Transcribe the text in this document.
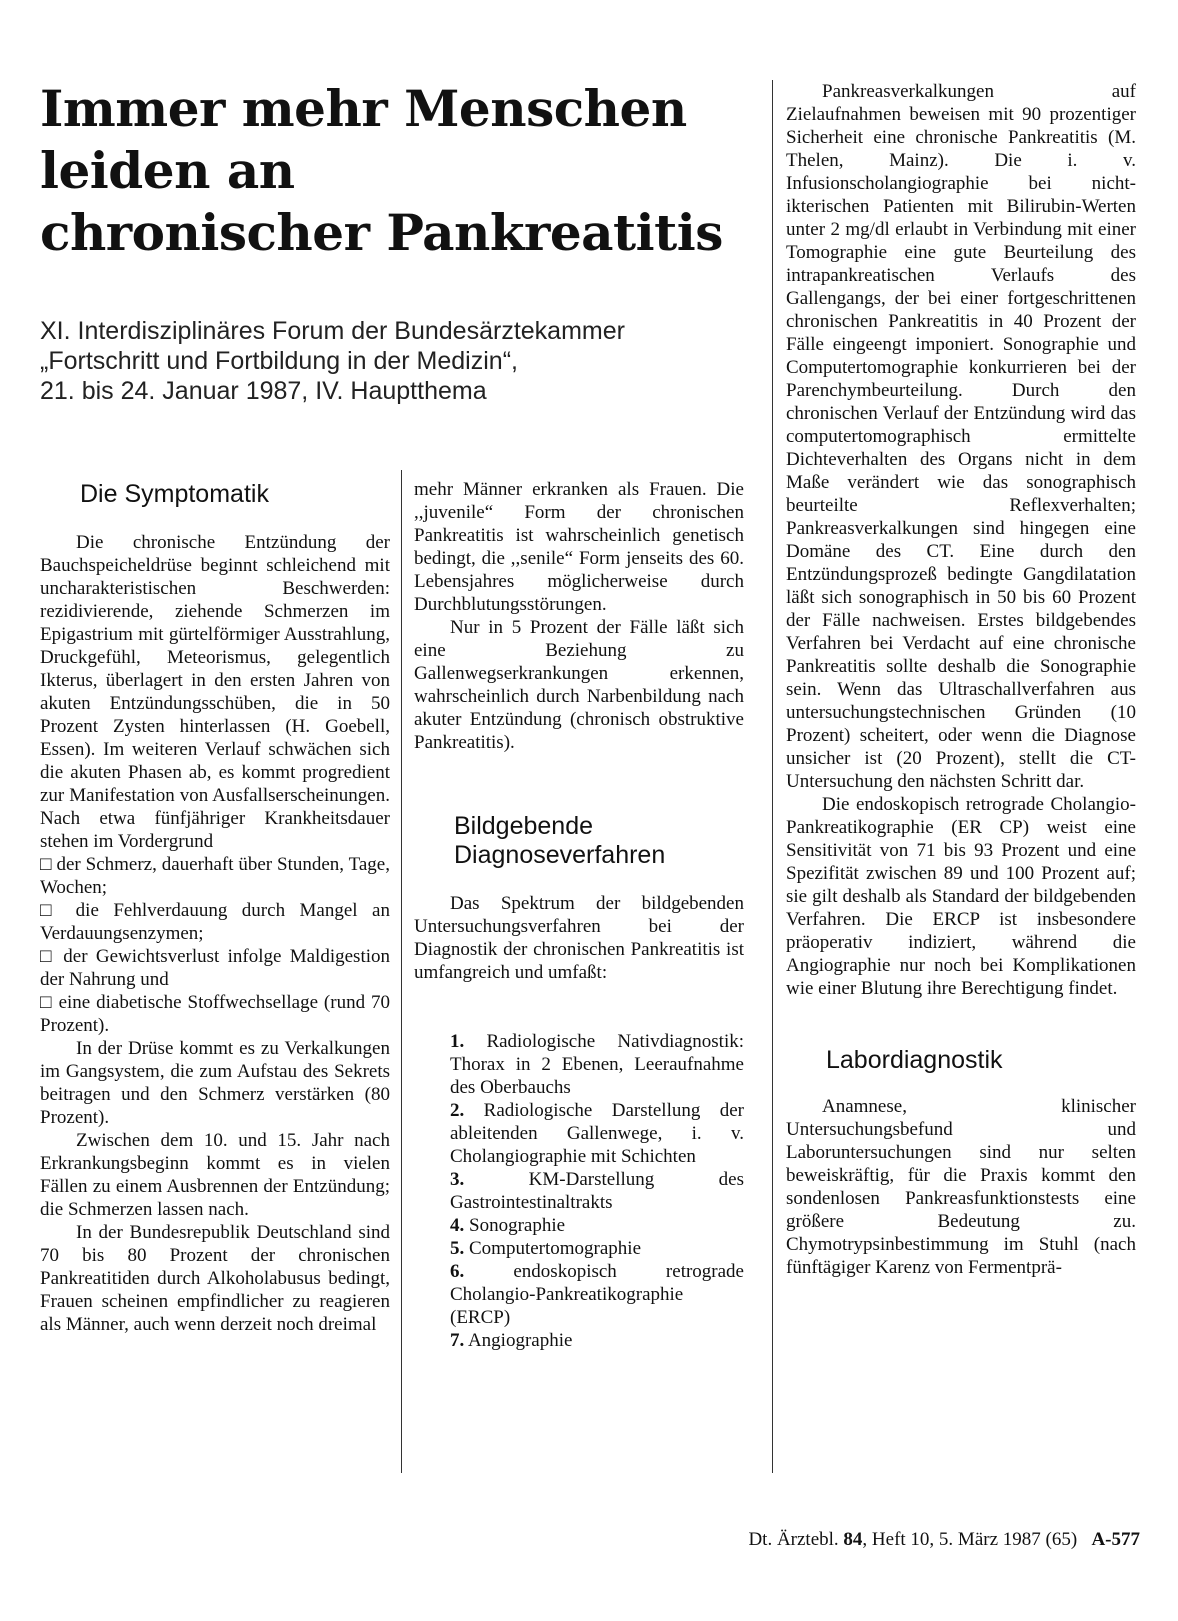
Immer mehr Menschen
leiden an
chronischer Pankreatitis
XI. Interdisziplinäres Forum der Bundesärztekammer
„Fortschritt und Fortbildung in der Medizin“,
21. bis 24. Januar 1987, IV. Hauptthema
Die Symptomatik

Die chronische Entzündung der Bauchspeicheldrüse beginnt schleichend mit uncharakteristischen Beschwerden: rezidivierende, ziehende Schmerzen im Epigastrium mit gürtelförmiger Ausstrahlung, Druckgefühl, Meteorismus, gelegentlich Ikterus, überlagert in den ersten Jahren von akuten Entzündungsschüben, die in 50 Prozent Zysten hinterlassen (H. Goebell, Essen). Im weiteren Verlauf schwächen sich die akuten Phasen ab, es kommt progredient zur Manifestation von Ausfallserscheinungen. Nach etwa fünfjähriger Krankheitsdauer stehen im Vordergrund

□ der Schmerz, dauerhaft über Stunden, Tage, Wochen;

□ die Fehlverdauung durch Mangel an Verdauungsenzymen;

□ der Gewichtsverlust infolge Maldigestion der Nahrung und

□ eine diabetische Stoffwechsellage (rund 70 Prozent).

In der Drüse kommt es zu Verkalkungen im Gangsystem, die zum Aufstau des Sekrets beitragen und den Schmerz verstärken (80 Prozent).

Zwischen dem 10. und 15. Jahr nach Erkrankungsbeginn kommt es in vielen Fällen zu einem Ausbrennen der Entzündung; die Schmerzen lassen nach.

In der Bundesrepublik Deutschland sind 70 bis 80 Prozent der chronischen Pankreatitiden durch Alkoholabusus bedingt, Frauen scheinen empfindlicher zu reagieren als Männer, auch wenn derzeit noch dreimal

mehr Männer erkranken als Frauen. Die ,,juvenile“ Form der chronischen Pankreatitis ist wahrscheinlich genetisch bedingt, die ,,senile“ Form jenseits des 60. Lebensjahres möglicherweise durch Durchblutungsstörungen.

Nur in 5 Prozent der Fälle läßt sich eine Beziehung zu Gallenwegserkrankungen erkennen, wahrscheinlich durch Narbenbildung nach akuter Entzündung (chronisch obstruktive Pankreatitis).

Bildgebende Diagnoseverfahren

Das Spektrum der bildgebenden Untersuchungsverfahren bei der Diagnostik der chronischen Pankreatitis ist umfangreich und umfaßt:

1. Radiologische Nativdiagnostik: Thorax in 2 Ebenen, Leeraufnahme des Oberbauchs
2. Radiologische Darstellung der ableitenden Gallenwege, i. v. Cholangiographie mit Schichten
3.	KM-Darstellung des Gastrointestinaltrakts
4. Sonographie
5. Computertomographie
6.	endoskopisch retrograde Cholangio-Pankreatikographie (ERCP)
7. Angiographie

Pankreasverkalkungen auf Zielaufnahmen beweisen mit 90 prozentiger Sicherheit eine chronische Pankreatitis (M. Thelen, Mainz). Die i. v. Infusionscholangiographie bei nicht-ikterischen Patienten mit Bilirubin-Werten unter 2 mg/dl erlaubt in Verbindung mit einer Tomographie eine gute Beurteilung des intrapankreatischen Verlaufs des Gallengangs, der bei einer fortgeschrittenen chronischen Pankreatitis in 40 Prozent der Fälle eingeengt imponiert. Sonographie und Computertomographie konkurrieren bei der Parenchymbeurteilung. Durch den chronischen Verlauf der Entzündung wird das computertomographisch ermittelte Dichteverhalten des Organs nicht in dem Maße verändert wie das sonographisch beurteilte Reflexverhalten; Pankreasverkalkungen sind hingegen eine Domäne des CT. Eine durch den Entzündungsprozeß bedingte Gangdilatation läßt sich sonographisch in 50 bis 60 Prozent der Fälle nachweisen. Erstes bildgebendes Verfahren bei Verdacht auf eine chronische Pankreatitis sollte deshalb die Sonographie sein. Wenn das Ultraschallverfahren aus untersuchungstechnischen Gründen (10 Prozent) scheitert, oder wenn die Diagnose unsicher ist (20 Prozent), stellt die CT-Untersuchung den nächsten Schritt dar.

Die endoskopisch retrograde Cholangio-Pankreatikographie (ER CP) weist eine Sensitivität von 71 bis 93 Prozent und eine Spezifität zwischen 89 und 100 Prozent auf; sie gilt deshalb als Standard der bildgebenden Verfahren. Die ERCP ist insbesondere präoperativ indiziert, während die Angiographie nur noch bei Komplikationen wie einer Blutung ihre Berechtigung findet.

Labordiagnostik

Anamnese, klinischer Untersuchungsbefund und Laboruntersuchungen sind nur selten beweiskräftig, für die Praxis kommt den sondenlosen Pankreasfunktionstests eine größere Bedeutung zu. Chymotrypsinbestimmung im Stuhl (nach fünftägiger Karenz von Fermentprä-

Dt. Ärztebl. 84, Heft 10, 5. März 1987 (65) A-577
